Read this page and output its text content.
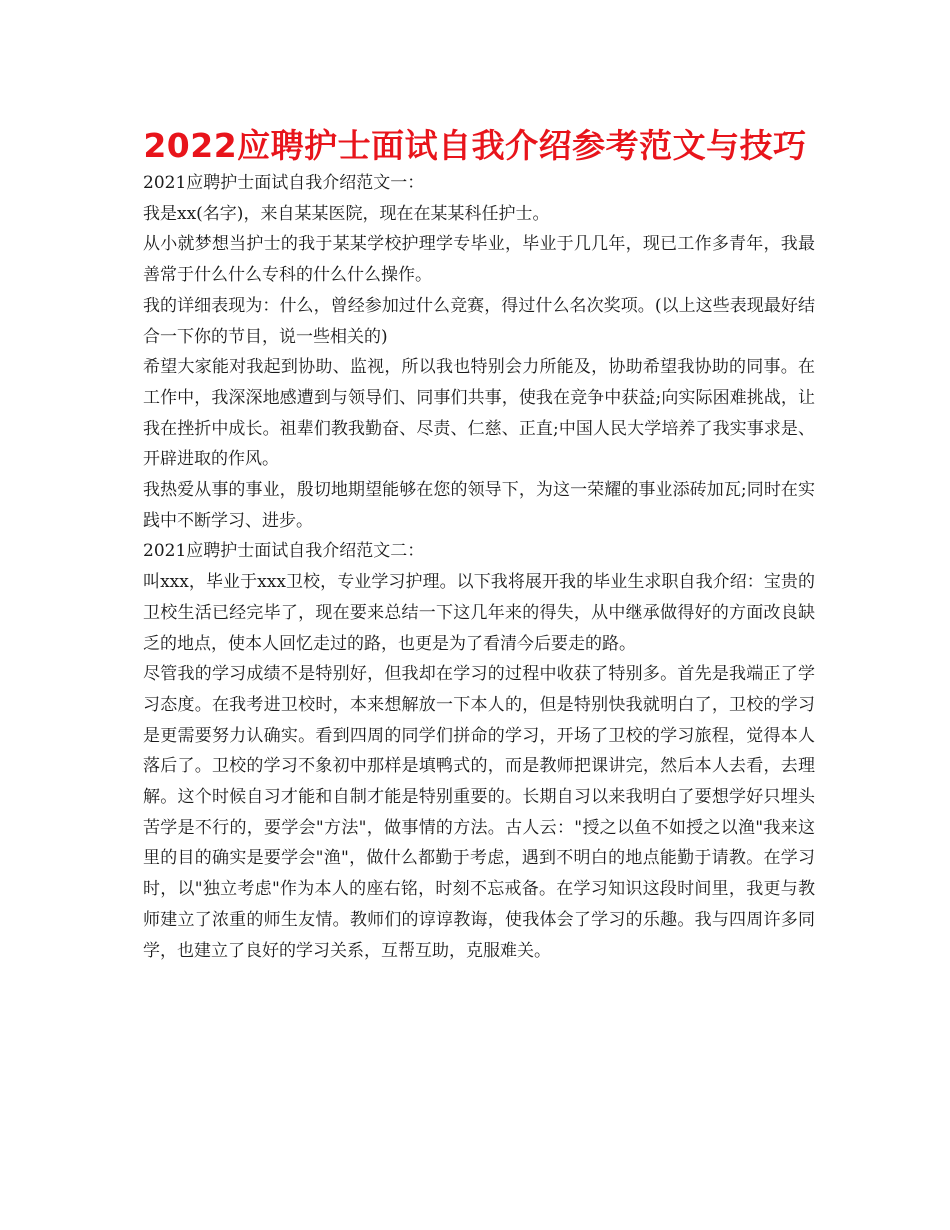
2022应聘护士面试自我介绍参考范文与技巧

2021应聘护士面试自我介绍范文一：

我是xx(名字)，来自某某医院，现在在某某科任护士。

从小就梦想当护士的我于某某学校护理学专毕业，毕业于几几年，现已工作多青年，我最善常于什么什么专科的什么什么操作。

我的详细表现为：什么，曾经参加过什么竞赛，得过什么名次奖项。(以上这些表现最好结合一下你的节目，说一些相关的)

希望大家能对我起到协助、监视，所以我也特别会力所能及，协助希望我协助的同事。在工作中，我深深地感遭到与领导们、同事们共事，使我在竞争中获益;向实际困难挑战，让我在挫折中成长。祖辈们教我勤奋、尽责、仁慈、正直;中国人民大学培养了我实事求是、开辟进取的作风。

我热爱从事的事业，殷切地期望能够在您的领导下，为这一荣耀的事业添砖加瓦;同时在实践中不断学习、进步。

2021应聘护士面试自我介绍范文二：

叫xxx，毕业于xxx卫校，专业学习护理。以下我将展开我的毕业生求职自我介绍：宝贵的卫校生活已经完毕了，现在要来总结一下这几年来的得失，从中继承做得好的方面改良缺乏的地点，使本人回忆走过的路，也更是为了看清今后要走的路。

尽管我的学习成绩不是特别好，但我却在学习的过程中收获了特别多。首先是我端正了学习态度。在我考进卫校时，本来想解放一下本人的，但是特别快我就明白了，卫校的学习是更需要努力认确实。看到四周的同学们拼命的学习，开场了卫校的学习旅程，觉得本人落后了。卫校的学习不象初中那样是填鸭式的，而是教师把课讲完，然后本人去看，去理解。这个时候自习才能和自制才能是特别重要的。长期自习以来我明白了要想学好只埋头苦学是不行的，要学会"方法"，做事情的方法。古人云："授之以鱼不如授之以渔"我来这里的目的确实是要学会"渔"，做什么都勤于考虑，遇到不明白的地点能勤于请教。在学习时，以"独立考虑"作为本人的座右铭，时刻不忘戒备。在学习知识这段时间里，我更与教师建立了浓重的师生友情。教师们的谆谆教诲，使我体会了学习的乐趣。我与四周许多同学，也建立了良好的学习关系，互帮互助，克服难关。
